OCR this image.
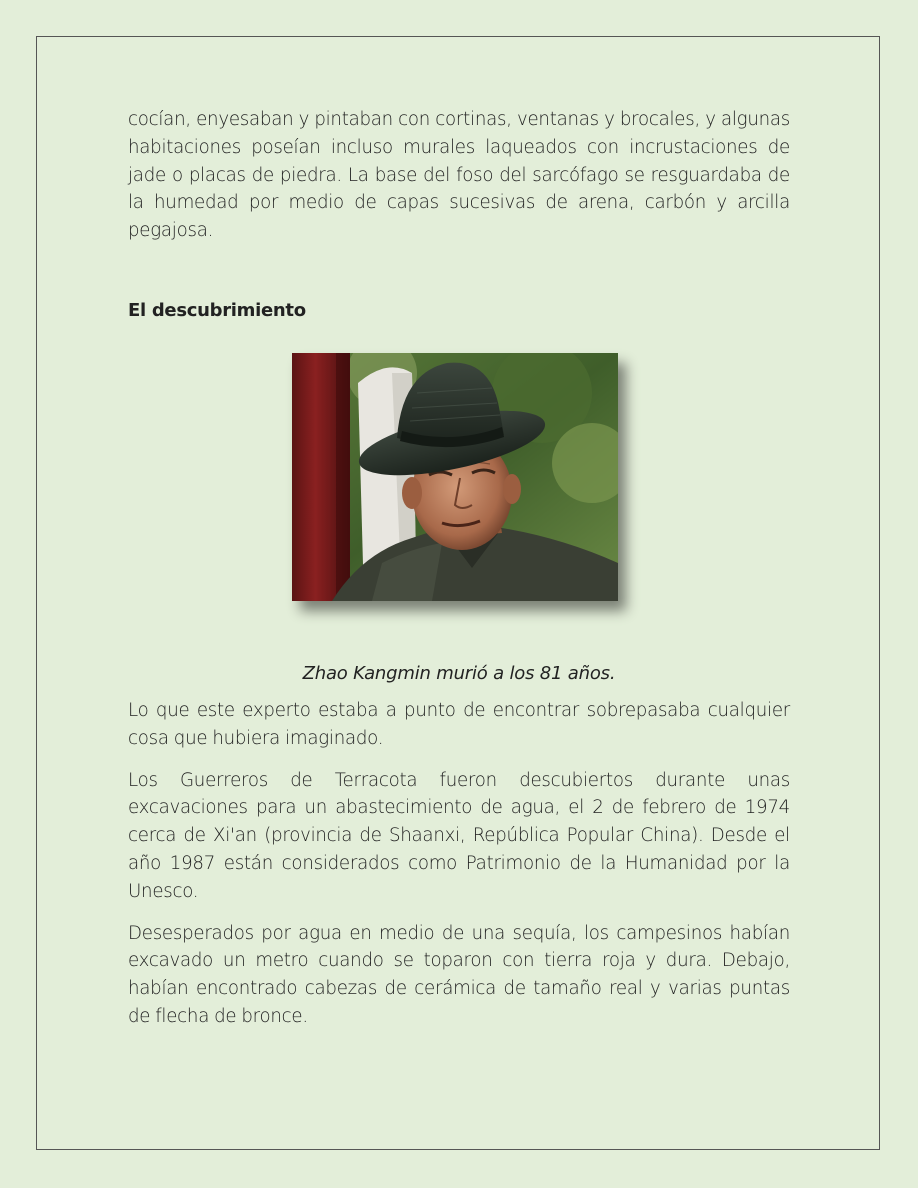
cocían, enyesaban y pintaban con cortinas, ventanas y brocales, y algunas habitaciones poseían incluso murales laqueados con incrustaciones de jade o placas de piedra. La base del foso del sarcófago se resguardaba de la humedad por medio de capas sucesivas de arena, carbón y arcilla pegajosa.

El descubrimiento

Zhao Kangmin murió a los 81 años.

Lo que este experto estaba a punto de encontrar sobrepasaba cualquier cosa que hubiera imaginado.

Los Guerreros de Terracota fueron descubiertos durante unas excavaciones para un abastecimiento de agua, el 2 de febrero de 1974 cerca de Xi'an (provincia de Shaanxi, República Popular China). Desde el año 1987 están considerados como Patrimonio de la Humanidad por la Unesco.

Desesperados por agua en medio de una sequía, los campesinos habían excavado un metro cuando se toparon con tierra roja y dura. Debajo, habían encontrado cabezas de cerámica de tamaño real y varias puntas de flecha de bronce.
